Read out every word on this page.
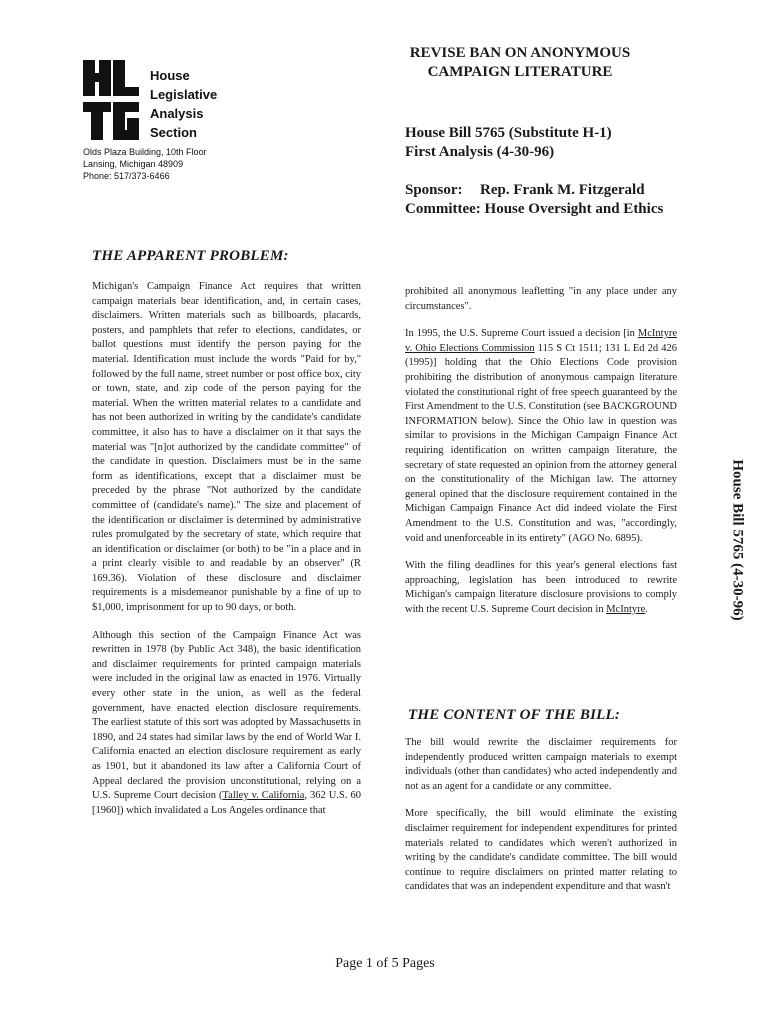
House
Legislative
Analysis
Section
Olds Plaza Building, 10th Floor
Lansing, Michigan 48909
Phone: 517/373-6466
REVISE BAN ON ANONYMOUS
CAMPAIGN LITERATURE
House Bill 5765 (Substitute H-1)
First Analysis (4-30-96)
Sponsor: Rep. Frank M. Fitzgerald
Committee: House Oversight and Ethics
THE APPARENT PROBLEM:

Michigan's Campaign Finance Act requires that written campaign materials bear identification, and, in certain cases, disclaimers. Written materials such as billboards, placards, posters, and pamphlets that refer to elections, candidates, or ballot questions must identify the person paying for the material. Identification must include the words "Paid for by," followed by the full name, street number or post office box, city or town, state, and zip code of the person paying for the material. When the written material relates to a candidate and has not been authorized in writing by the candidate's candidate committee, it also has to have a disclaimer on it that says the material was "[n]ot authorized by the candidate committee" of the candidate in question. Disclaimers must be in the same form as identifications, except that a disclaimer must be preceded by the phrase "Not authorized by the candidate committee of (candidate's name)." The size and placement of the identification or disclaimer is determined by administrative rules promulgated by the secretary of state, which require that an identification or disclaimer (or both) to be "in a place and in a print clearly visible to and readable by an observer" (R 169.36). Violation of these disclosure and disclaimer requirements is a misdemeanor punishable by a fine of up to $1,000, imprisonment for up to 90 days, or both.

Although this section of the Campaign Finance Act was rewritten in 1978 (by Public Act 348), the basic identification and disclaimer requirements for printed campaign materials were included in the original law as enacted in 1976. Virtually every other state in the union, as well as the federal government, have enacted election disclosure requirements. The earliest statute of this sort was adopted by Massachusetts in 1890, and 24 states had similar laws by the end of World War I. California enacted an election disclosure requirement as early as 1901, but it abandoned its law after a California Court of Appeal declared the provision unconstitutional, relying on a U.S. Supreme Court decision (Talley v. California, 362 U.S. 60 [1960]) which invalidated a Los Angeles ordinance that

prohibited all anonymous leafletting "in any place under any circumstances".

In 1995, the U.S. Supreme Court issued a decision [in McIntyre v. Ohio Elections Commission 115 S Ct 1511; 131 L Ed 2d 426 (1995)] holding that the Ohio Elections Code provision prohibiting the distribution of anonymous campaign literature violated the constitutional right of free speech guaranteed by the First Amendment to the U.S. Constitution (see BACKGROUND INFORMATION below). Since the Ohio law in question was similar to provisions in the Michigan Campaign Finance Act requiring identification on written campaign literature, the secretary of state requested an opinion from the attorney general on the constitutionality of the Michigan law. The attorney general opined that the disclosure requirement contained in the Michigan Campaign Finance Act did indeed violate the First Amendment to the U.S. Constitution and was, "accordingly, void and unenforceable in its entirety" (AGO No. 6895).

With the filing deadlines for this year's general elections fast approaching, legislation has been introduced to rewrite Michigan's campaign literature disclosure provisions to comply with the recent U.S. Supreme Court decision in McIntyre.

THE CONTENT OF THE BILL:

The bill would rewrite the disclaimer requirements for independently produced written campaign materials to exempt individuals (other than candidates) who acted independently and not as an agent for a candidate or any committee.

More specifically, the bill would eliminate the existing disclaimer requirement for independent expenditures for printed materials related to candidates which weren't authorized in writing by the candidate's candidate committee. The bill would continue to require disclaimers on printed matter relating to candidates that was an independent expenditure and that wasn't

House Bill 5765 (4-30-96)
Page 1 of 5 Pages
